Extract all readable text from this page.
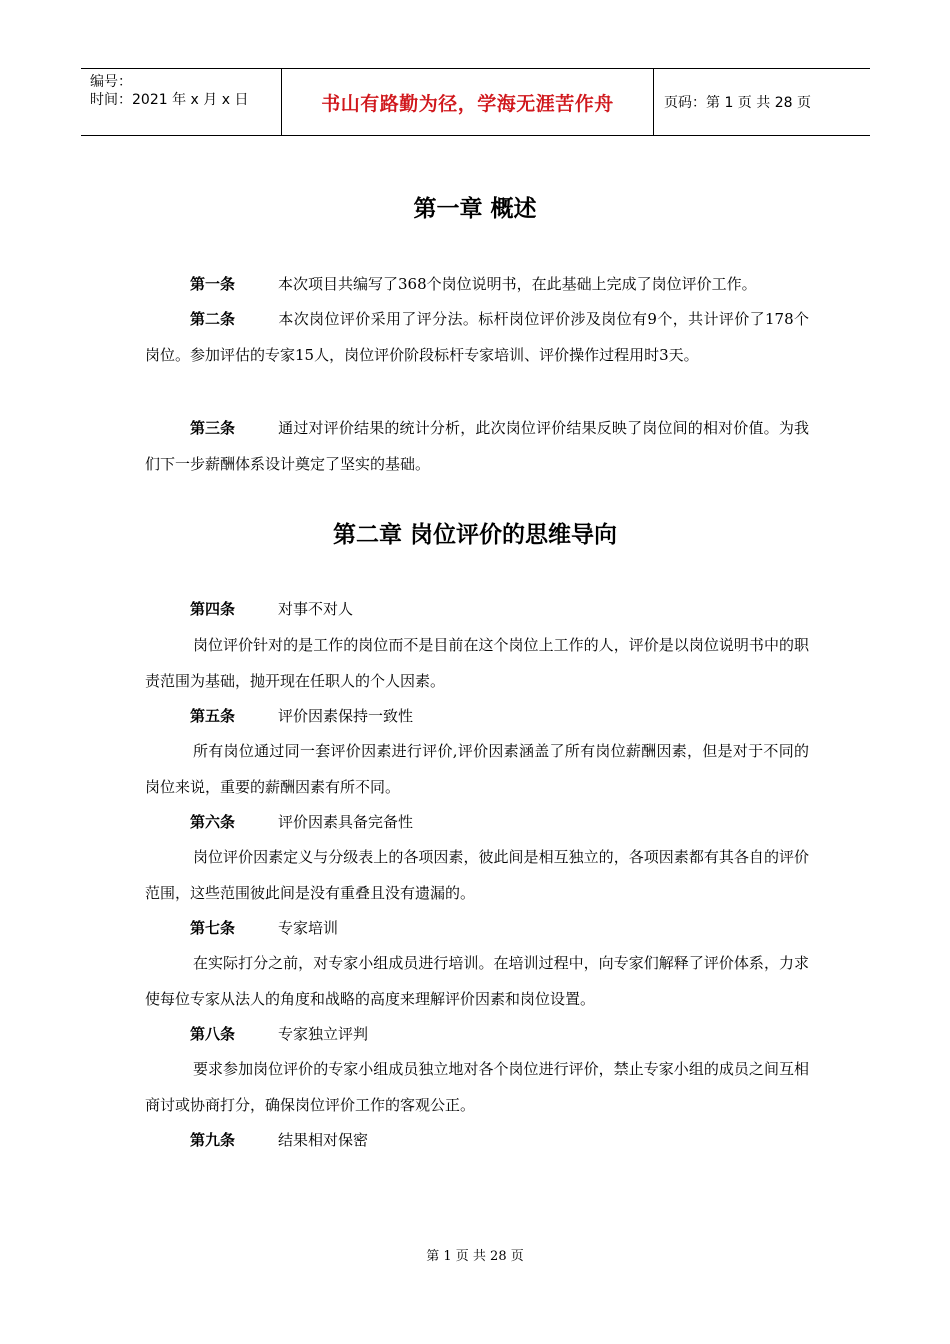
编号：
时间：2021 年 x 月 x 日	书山有路勤为径，学海无涯苦作舟	页码：第 1 页 共 28 页
第一章 概述
第一条	本次项目共编写了368个岗位说明书，在此基础上完成了岗位评价工作。
第二条	本次岗位评价采用了评分法。标杆岗位评价涉及岗位有9个，共计评价了178个岗位。参加评估的专家15人，岗位评价阶段标杆专家培训、评价操作过程用时3天。
第三条	通过对评价结果的统计分析，此次岗位评价结果反映了岗位间的相对价值。为我们下一步薪酬体系设计奠定了坚实的基础。
第二章 岗位评价的思维导向
第四条	对事不对人
岗位评价针对的是工作的岗位而不是目前在这个岗位上工作的人，评价是以岗位说明书中的职责范围为基础，抛开现在任职人的个人因素。
第五条	评价因素保持一致性
所有岗位通过同一套评价因素进行评价,评价因素涵盖了所有岗位薪酬因素，但是对于不同的岗位来说，重要的薪酬因素有所不同。
第六条	评价因素具备完备性
岗位评价因素定义与分级表上的各项因素，彼此间是相互独立的，各项因素都有其各自的评价范围，这些范围彼此间是没有重叠且没有遗漏的。
第七条	专家培训
在实际打分之前，对专家小组成员进行培训。在培训过程中，向专家们解释了评价体系，力求使每位专家从法人的角度和战略的高度来理解评价因素和岗位设置。
第八条	专家独立评判
要求参加岗位评价的专家小组成员独立地对各个岗位进行评价，禁止专家小组的成员之间互相商讨或协商打分，确保岗位评价工作的客观公正。
第九条	结果相对保密
第 1 页 共 28 页
